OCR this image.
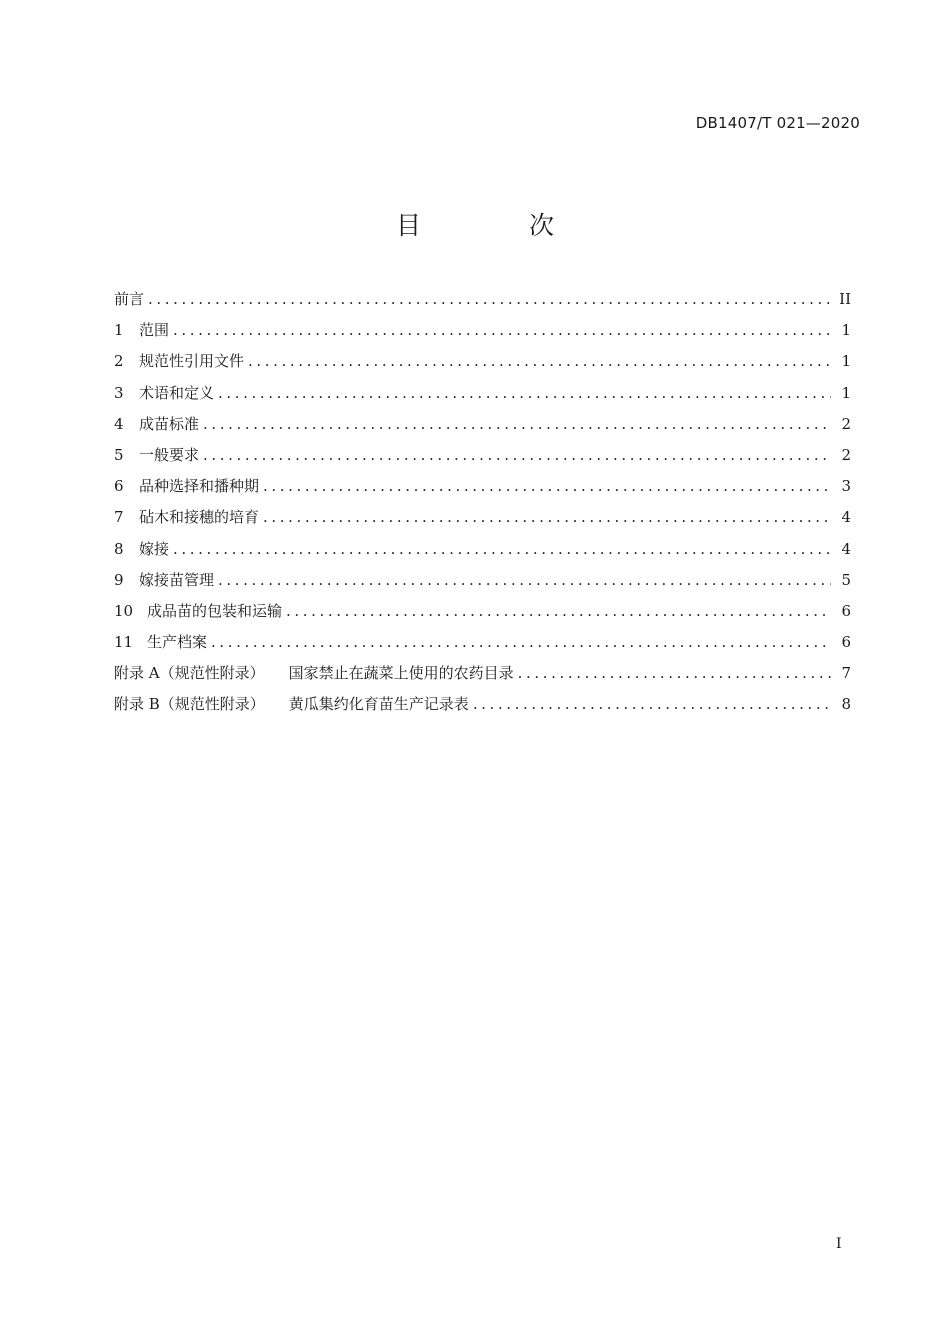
DB1407/T 021—2020
目 次
前言 .....	II
1	范围 .....	1
2	规范性引用文件 .....	1
3	术语和定义 .....	1
4	成苗标准 .....	2
5	一般要求 .....	2
6	品种选择和播种期 .....	3
7	砧木和接穗的培育 .....	4
8	嫁接 .....	4
9	嫁接苗管理 .....	5
10 成品苗的包装和运输 .....	6
11 生产档案 .....	6
附录 A（规范性附录） 国家禁止在蔬菜上使用的农药目录 .....	7
附录 B（规范性附录） 黄瓜集约化育苗生产记录表 .....	8
I
